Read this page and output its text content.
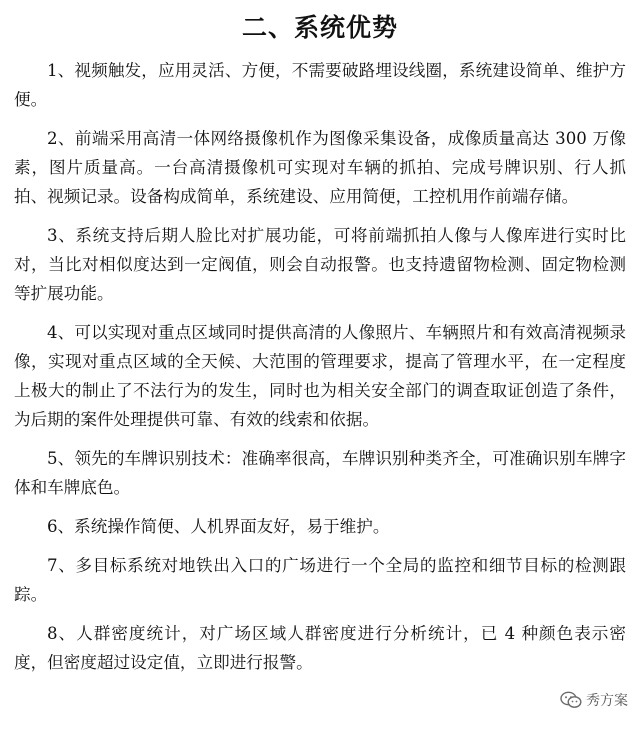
二、系统优势

1、视频触发，应用灵活、方便，不需要破路埋设线圈，系统建设简单、维护方便。

2、前端采用高清一体网络摄像机作为图像采集设备，成像质量高达 300 万像素，图片质量高。一台高清摄像机可实现对车辆的抓拍、完成号牌识别、行人抓拍、视频记录。设备构成简单，系统建设、应用简便，工控机用作前端存储。

3、系统支持后期人脸比对扩展功能，可将前端抓拍人像与人像库进行实时比对，当比对相似度达到一定阀值，则会自动报警。也支持遗留物检测、固定物检测等扩展功能。

4、可以实现对重点区域同时提供高清的人像照片、车辆照片和有效高清视频录像，实现对重点区域的全天候、大范围的管理要求，提高了管理水平，在一定程度上极大的制止了不法行为的发生，同时也为相关安全部门的调查取证创造了条件，为后期的案件处理提供可靠、有效的线索和依据。

5、领先的车牌识别技术：准确率很高，车牌识别种类齐全，可准确识别车牌字体和车牌底色。

6、系统操作简便、人机界面友好，易于维护。

7、多目标系统对地铁出入口的广场进行一个全局的监控和细节目标的检测跟踪。

8、人群密度统计，对广场区域人群密度进行分析统计，已 4 种颜色表示密度，但密度超过设定值，立即进行报警。

秀方案
